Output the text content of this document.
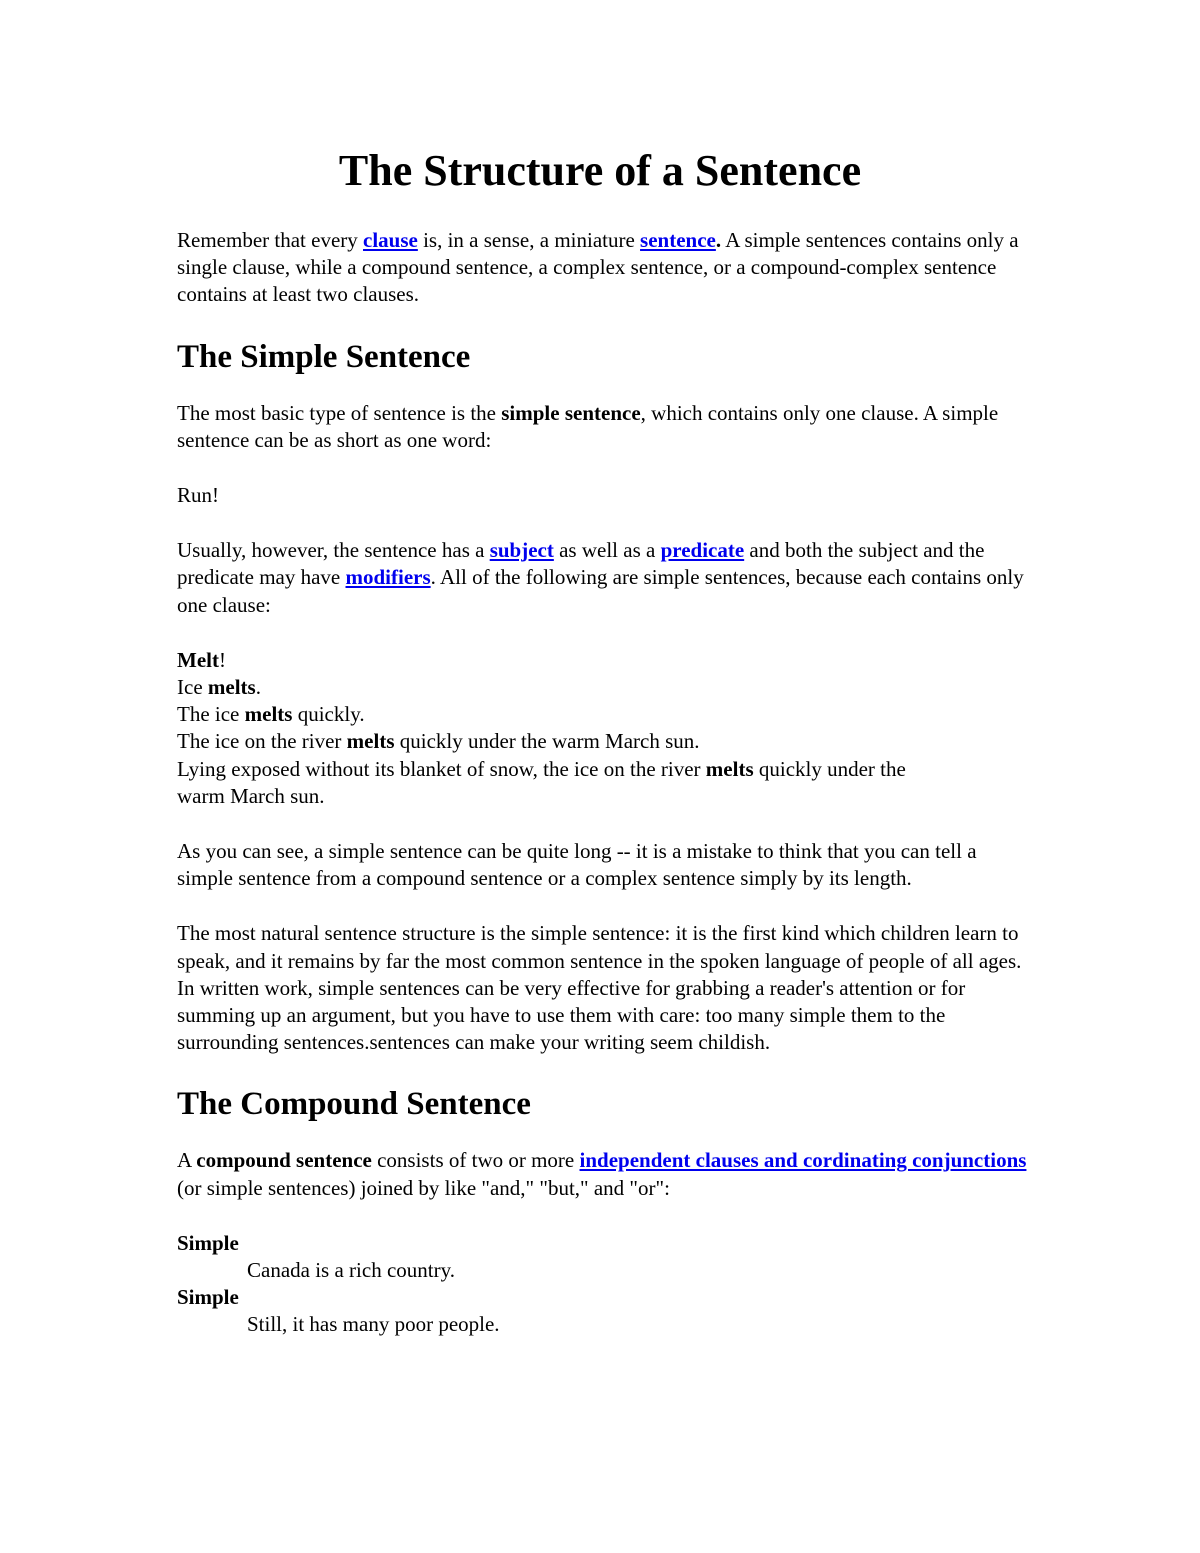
The Structure of a Sentence

Remember that every clause is, in a sense, a miniature sentence. A simple sentences contains only a single clause, while a compound sentence, a complex sentence, or a compound-complex sentence contains at least two clauses.

The Simple Sentence

The most basic type of sentence is the simple sentence, which contains only one clause. A simple sentence can be as short as one word:

Run!

Usually, however, the sentence has a subject as well as a predicate and both the subject and the predicate may have modifiers. All of the following are simple sentences, because each contains only one clause:

Melt!
Ice melts.
The ice melts quickly.
The ice on the river melts quickly under the warm March sun.
Lying exposed without its blanket of snow, the ice on the river melts quickly under the warm March sun.

As you can see, a simple sentence can be quite long -- it is a mistake to think that you can tell a simple sentence from a compound sentence or a complex sentence simply by its length.

The most natural sentence structure is the simple sentence: it is the first kind which children learn to speak, and it remains by far the most common sentence in the spoken language of people of all ages. In written work, simple sentences can be very effective for grabbing a reader's attention or for summing up an argument, but you have to use them with care: too many simple them to the surrounding sentences.sentences can make your writing seem childish.

The Compound Sentence

A compound sentence consists of two or more independent clauses and cordinating conjunctions (or simple sentences) joined by like "and," "but," and "or":

Simple
Canada is a rich country.
Simple
Still, it has many poor people.
